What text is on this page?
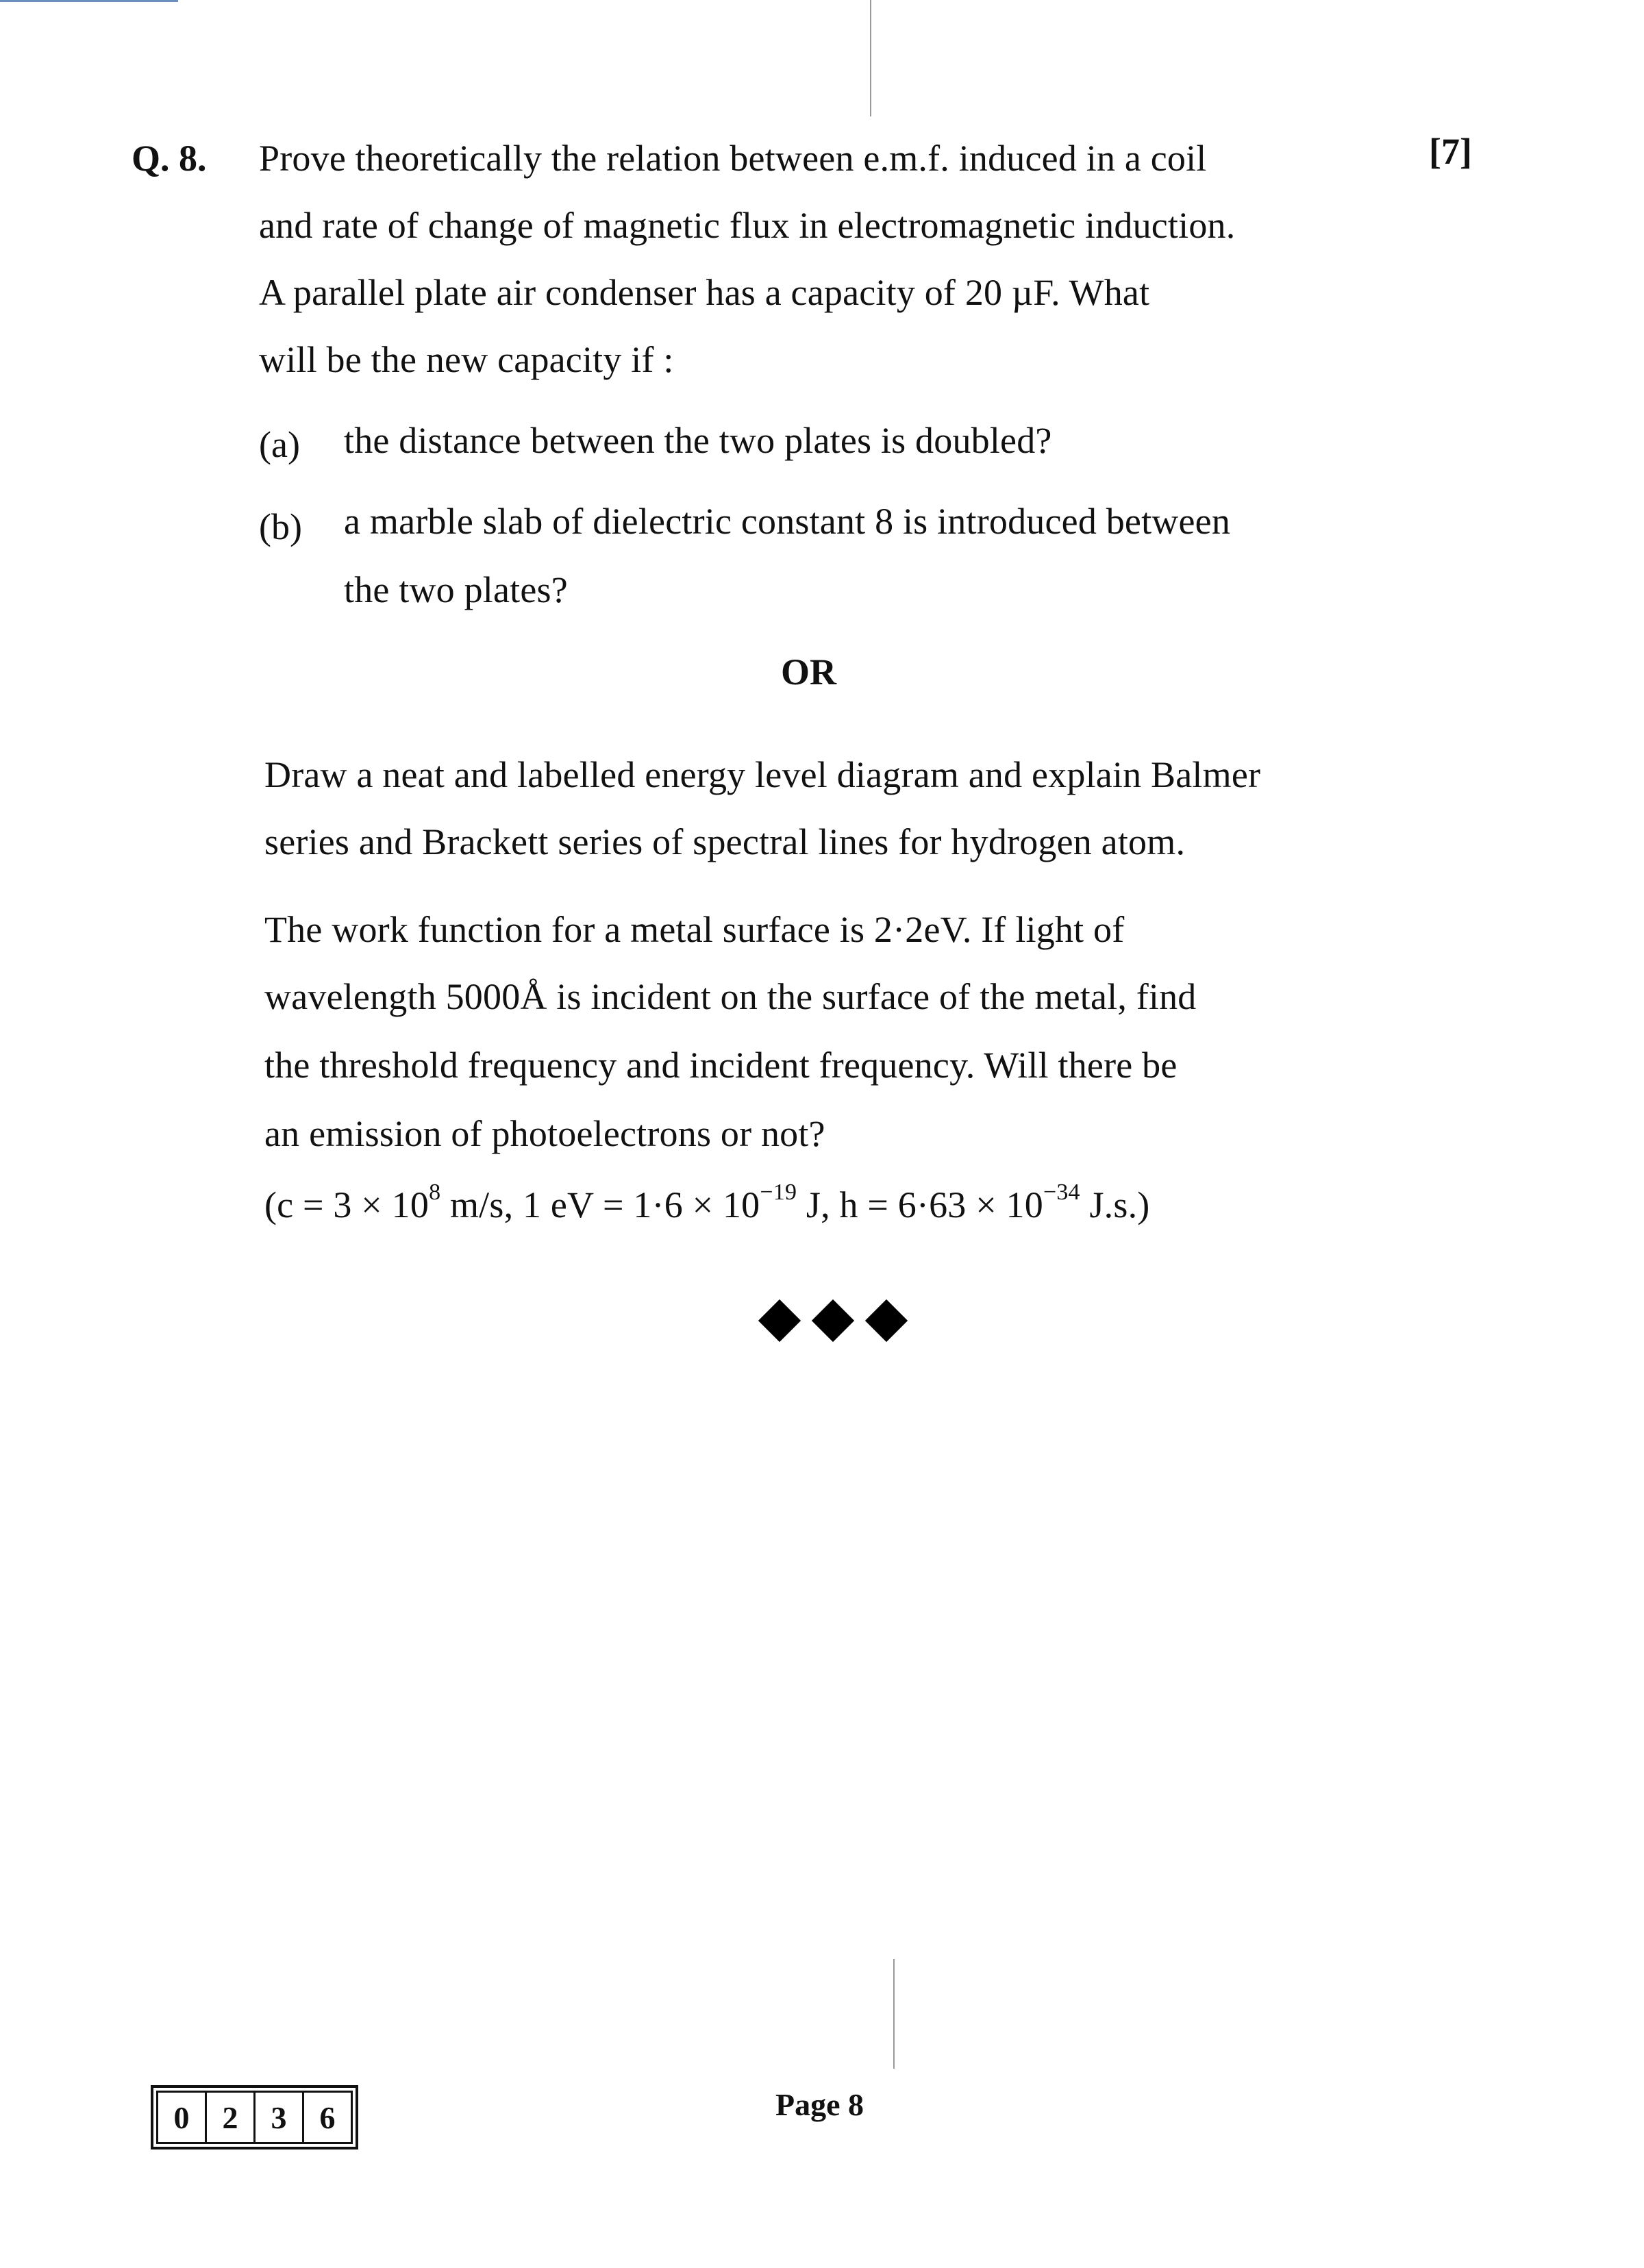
Q. 8.	[7]
Prove theoretically the relation between e.m.f. induced in a coil
and rate of change of magnetic flux in electromagnetic induction.
A parallel plate air condenser has a capacity of 20 µF. What
will be the new capacity if :
(a) the distance between the two plates is doubled?
(b) a marble slab of dielectric constant 8 is introduced between
the two plates?
OR
Draw a neat and labelled energy level diagram and explain Balmer
series and Brackett series of spectral lines for hydrogen atom.
The work function for a metal surface is 2·2eV. If light of
wavelength 5000Å is incident on the surface of the metal, find
the threshold frequency and incident frequency. Will there be
an emission of photoelectrons or not?
($c = 3 \times 10^8$ m/s, 1 eV = $1\cdot 6 \times 10^{-19}$ J, $h = 6\cdot 63 \times 10^{-34}$ J.s.)
0	2	3	6	Page 8
